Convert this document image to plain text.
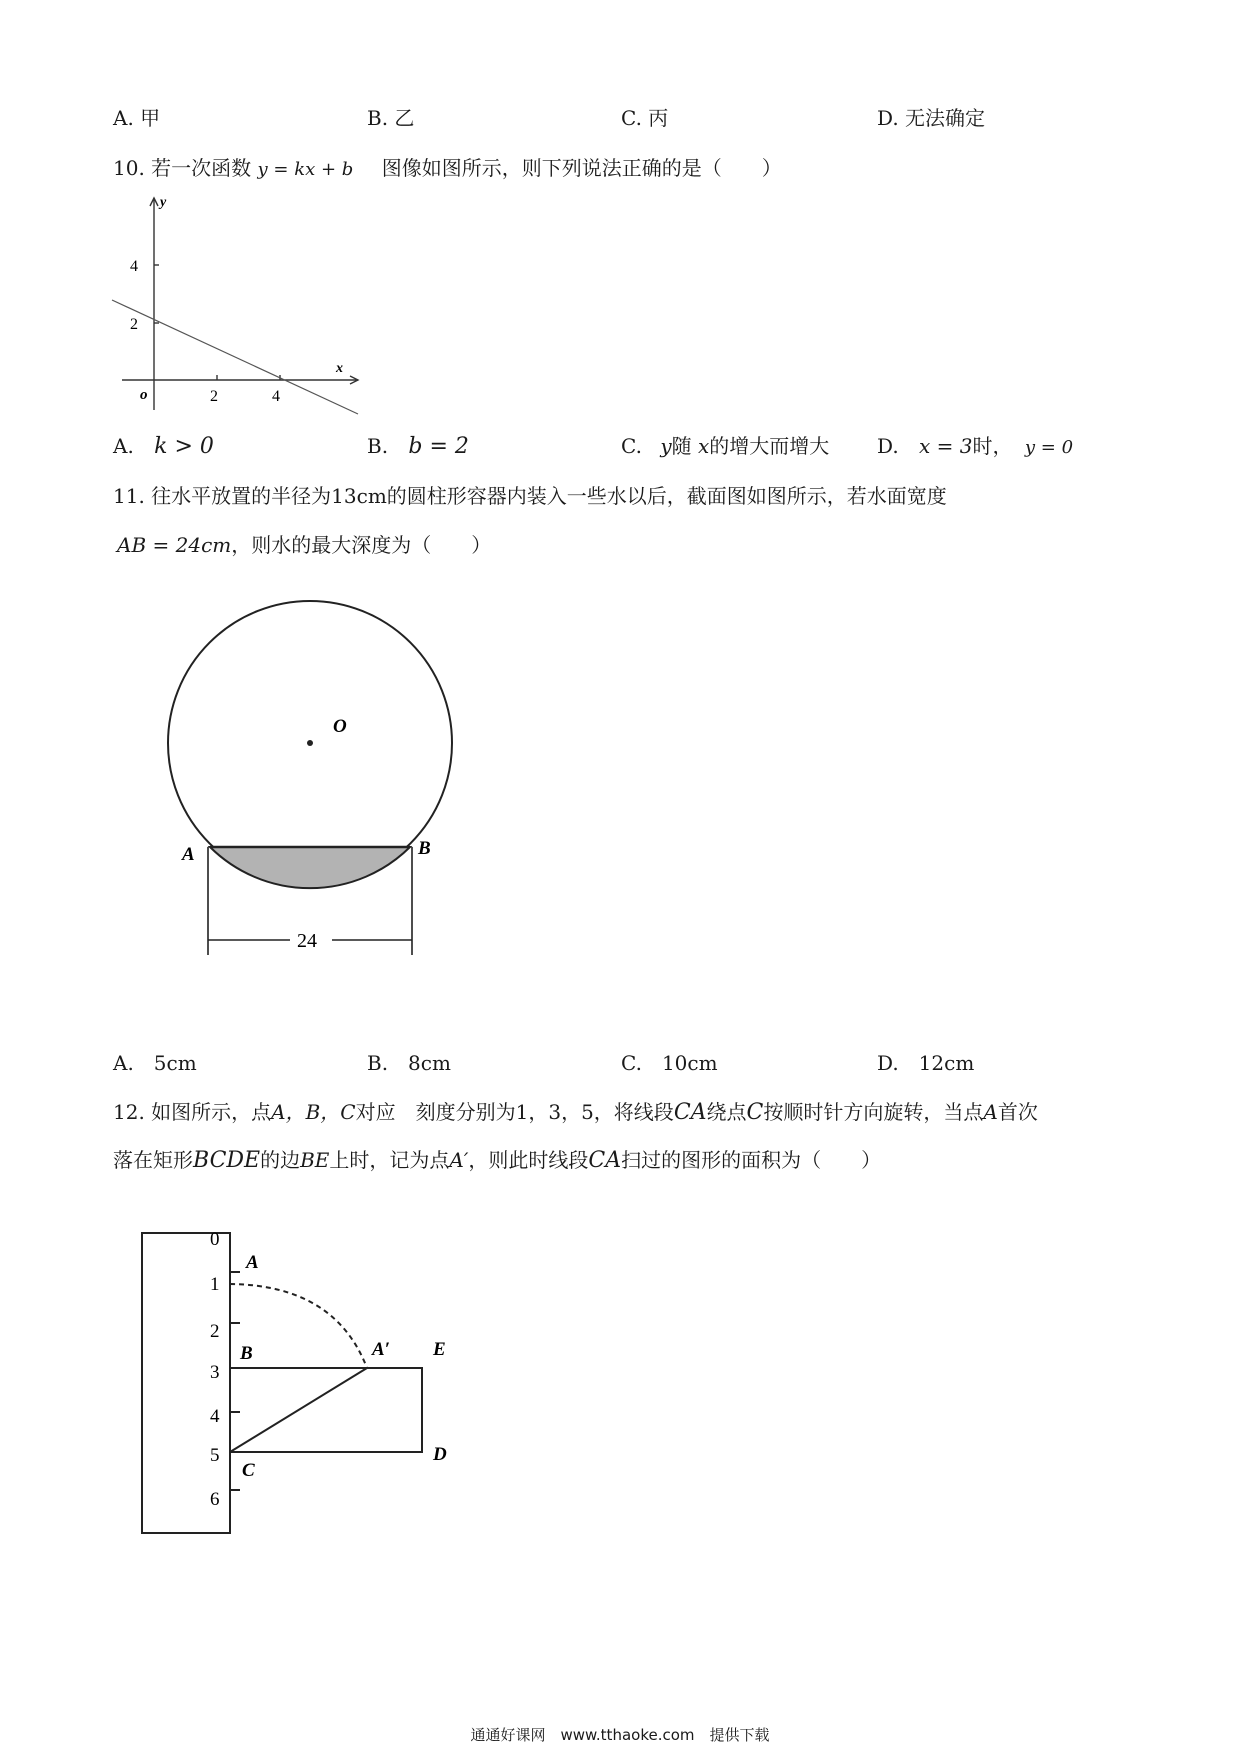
A. 甲	B. 乙	C. 丙	D. 无法确定
10. 若一次函数 y = kx + b 图像如图所示，则下列说法正确的是（　　）
y
x
o
4
2
2	4
A. k > 0	B. b = 2	C. y随 x的增大而增大 D. x = 3时， y = 0
11. 往水平放置的半径为13cm的圆柱形容器内装入一些水以后，截面图如图所示，若水面宽度
AB = 24cm，则水的最大深度为（　　）
O
A	B
24
A.　5cm	B.　8cm	C.　10cm	D.　12cm
12. 如图所示，点A，B，C对应　刻度分别为1，3，5，将线段CA绕点C按顺时针方向旋转，当点A首次
落在矩形BCDE的边BE上时，记为点A′，则此时线段CA扫过的图形的面积为（　　）
0
1
2
3
4
5
6
A
A′
B
C
D
E
通通好课网　www.tthaoke.com　提供下载
